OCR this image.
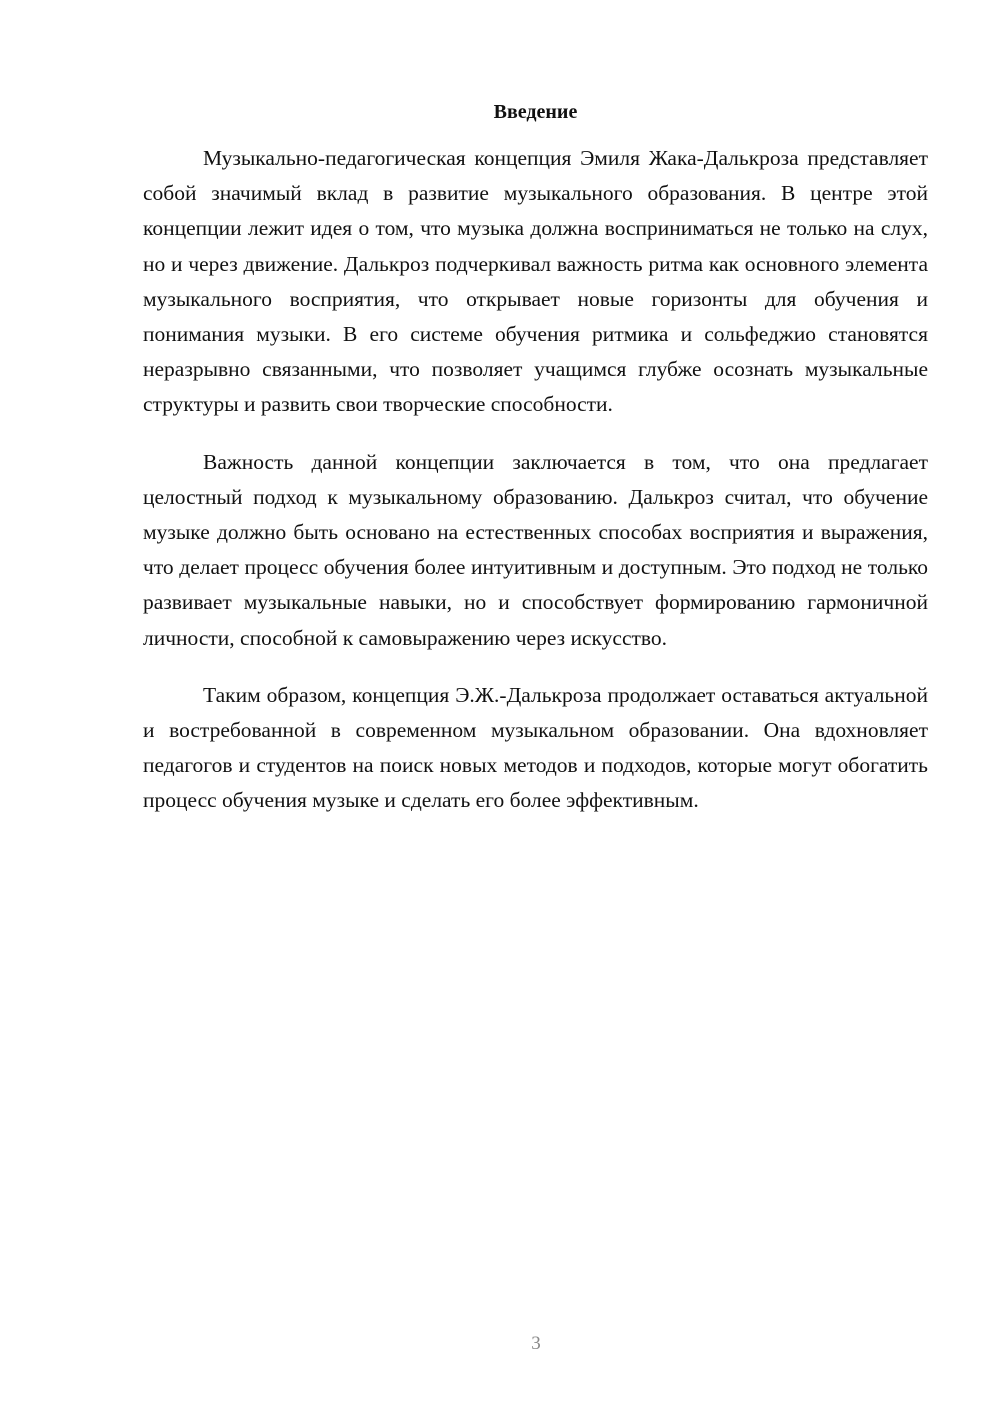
Введение

Музыкально-педагогическая концепция Эмиля Жака-Далькроза представляет собой значимый вклад в развитие музыкального образования. В центре этой концепции лежит идея о том, что музыка должна восприниматься не только на слух, но и через движение. Далькроз подчеркивал важность ритма как основного элемента музыкального восприятия, что открывает новые горизонты для обучения и понимания музыки. В его системе обучения ритмика и сольфеджио становятся неразрывно связанными, что позволяет учащимся глубже осознать музыкальные структуры и развить свои творческие способности.

Важность данной концепции заключается в том, что она предлагает целостный подход к музыкальному образованию. Далькроз считал, что обучение музыке должно быть основано на естественных способах восприятия и выражения, что делает процесс обучения более интуитивным и доступным. Это подход не только развивает музыкальные навыки, но и способствует формированию гармоничной личности, способной к самовыражению через искусство.

Таким образом, концепция Э.Ж.-Далькроза продолжает оставаться актуальной и востребованной в современном музыкальном образовании. Она вдохновляет педагогов и студентов на поиск новых методов и подходов, которые могут обогатить процесс обучения музыке и сделать его более эффективным.

3
